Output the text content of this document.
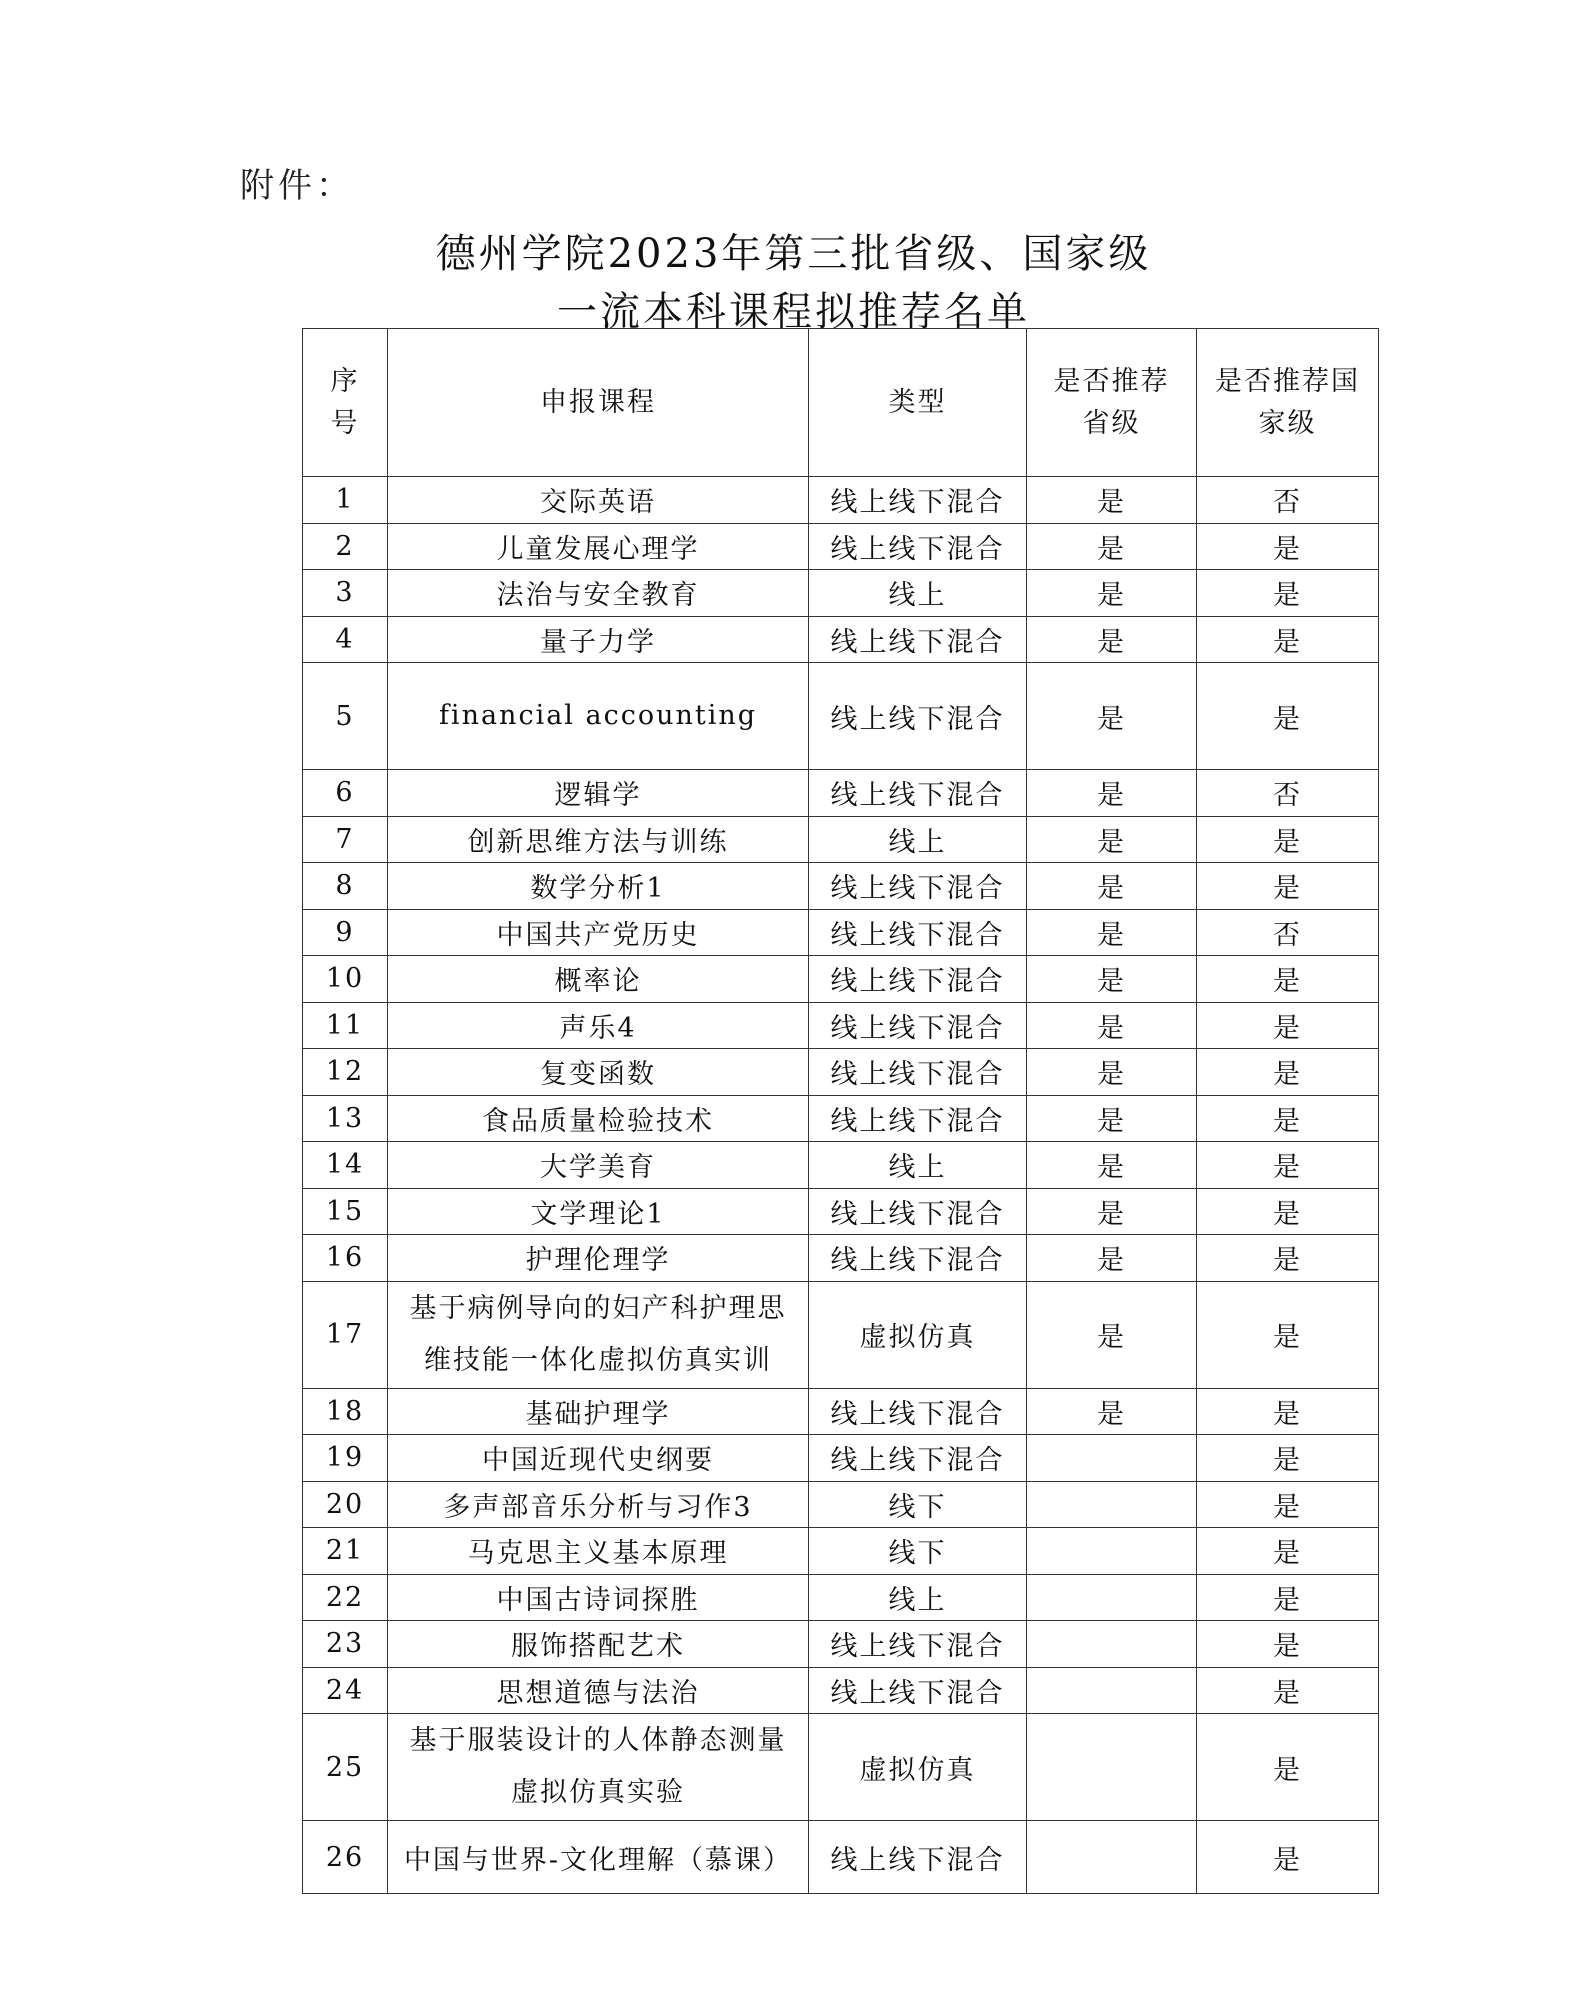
附件：
德州学院2023年第三批省级、国家级
一流本科课程拟推荐名单
序号	申报课程	类型	是否推荐省级	是否推荐国家级
1	交际英语	线上线下混合	是	否
2	儿童发展心理学	线上线下混合	是	是
3	法治与安全教育	线上	是	是
4	量子力学	线上线下混合	是	是
5	financial accounting	线上线下混合	是	是
6	逻辑学	线上线下混合	是	否
7	创新思维方法与训练	线上	是	是
8	数学分析1	线上线下混合	是	是
9	中国共产党历史	线上线下混合	是	否
10	概率论	线上线下混合	是	是
11	声乐4	线上线下混合	是	是
12	复变函数	线上线下混合	是	是
13	食品质量检验技术	线上线下混合	是	是
14	大学美育	线上	是	是
15	文学理论1	线上线下混合	是	是
16	护理伦理学	线上线下混合	是	是
17	基于病例导向的妇产科护理思维技能一体化虚拟仿真实训	虚拟仿真	是	是
18	基础护理学	线上线下混合	是	是
19	中国近现代史纲要	线上线下混合		是
20	多声部音乐分析与习作3	线下		是
21	马克思主义基本原理	线下		是
22	中国古诗词探胜	线上		是
23	服饰搭配艺术	线上线下混合		是
24	思想道德与法治	线上线下混合		是
25	基于服装设计的人体静态测量虚拟仿真实验	虚拟仿真		是
26	中国与世界-文化理解（慕课）	线上线下混合		是
